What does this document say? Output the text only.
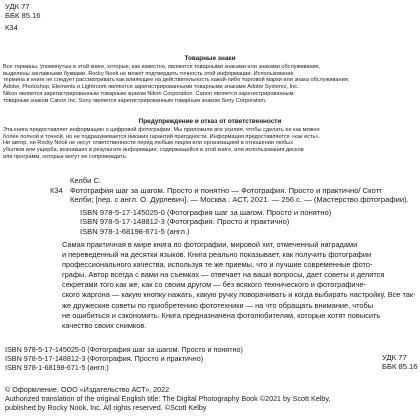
УДК 77
ББК 85.16
К34
Товарные знаки
Все термины, упомянутые в этой книге, которые, как известно, являются товарными знаками или знаками обслуживания,
выделены заглавными буквами. Rocky Nook не может подтвердить точность этой информации. Использование
термина в книге не следует рассматривать как влияющее на действительность какой-либо торговой марки или знака обслуживания.
Adobe, Photoshop, Elements и Lightroom являются зарегистрированными товарными знаками Adobe Systems, Inc.
Nikon является зарегистрированным товарным знаком Nikon Corporation. Canon является зарегистрированным
товарным знаком Canon Inc. Sony является зарегистрированным товарным знаком Sony Corporation.
Предупреждение и отказ от ответственности
Эта книга предоставляет информацию о цифровой фотографии. Мы приложили все усилия, чтобы сделать ее как можно
более полной и точной, но не подразумевается никаких гарантий пригодности. Информация предоставляется «как есть».
Ни автор, ни Rocky Nook не несут ответственности перед любым лицом или организацией в отношении любых
убытков или ущерба, возникших в результате информации, содержащейся в этой книге, или использования дисков
или программ, которые могут ее сопровождать.
Келби С.
К34 Фотография шаг за шагом. Просто и понятно — Фотография. Просто и практично/ Скотт
Келби; [пер. с англ. О. Дурлевич]. — Москва : АСТ, 2021. — 256 с. — (Мастерство фотографии).
ISBN 978-5-17-145025-0 (Фотография шаг за шагом. Просто и понятно)
ISBN 978-5-17-148812-3 (Фотография. Просто и практично)
ISBN 978-1-68198-671-5 (англ.)
Самая практичная в мире книга по фотографии, мировой хит, отмеченный наградами
и переведенный на десятки языков. Книга реально показывает, как получить фотографии
профессионального качества, используя те же приемы, что и лучшие современные фото-
графы. Автор всегда с вами на съемках — отвечает на ваши вопросы, дает советы и делится
секретами того как же, как со своим другом — без всякого технического и фотографиче-
ского жаргона — какую кнопку нажать, какую ручку поворачивать и когда выбирать настройку. Все так-
же дружеские советы по приобретению фототехники — на что обращать внимание, чтобы
не ошибиться и сэкономить. Книга предназначена фотолюбителям, которые хотят повысить
качество своих снимков.
УДК 77
ББК 85.16
ISBN 978-5-17-145025-0 (Фотография шаг за шагом. Просто и понятно)
ISBN 978-5-17-148812-3 (Фотография. Просто и практично)
ISBN 978-1-68198-671-5 (англ.)
© Оформление. ООО «Издательство АСТ», 2022
Authorized translation of the original English title: The Digital Photography Book ©2021 by Scott Kelby,
published by Rocky Nook, Inc. All rights reserved. ©Scott Kelby
